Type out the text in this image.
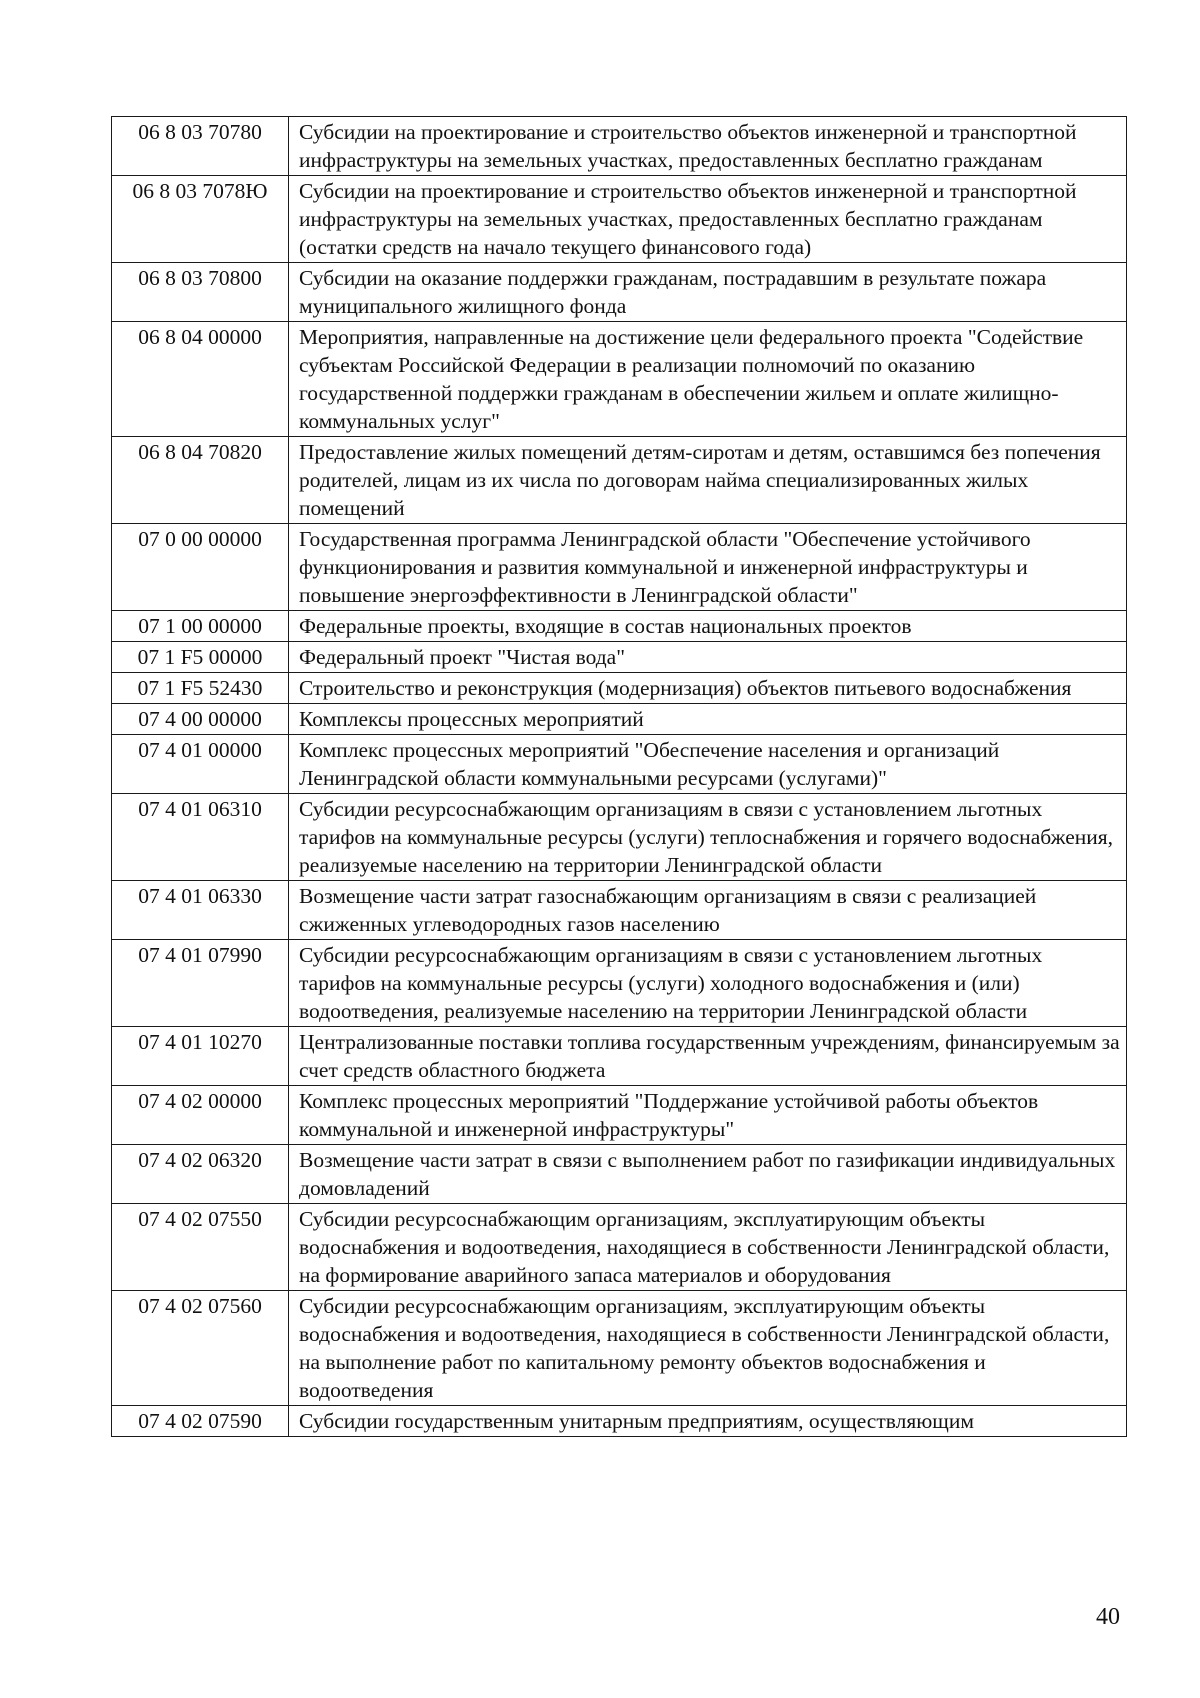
06 8 03 70780	Субсидии на проектирование и строительство объектов инженерной и транспортной инфраструктуры на земельных участках, предоставленных бесплатно гражданам
06 8 03 7078Ю	Субсидии на проектирование и строительство объектов инженерной и транспортной инфраструктуры на земельных участках, предоставленных бесплатно гражданам (остатки средств на начало текущего финансового года)
06 8 03 70800	Субсидии на оказание поддержки гражданам, пострадавшим в результате пожара муниципального жилищного фонда
06 8 04 00000	Мероприятия, направленные на достижение цели федерального проекта "Содействие субъектам Российской Федерации в реализации полномочий по оказанию государственной поддержки гражданам в обеспечении жильем и оплате жилищно-коммунальных услуг"
06 8 04 70820	Предоставление жилых помещений детям-сиротам и детям, оставшимся без попечения родителей, лицам из их числа по договорам найма специализированных жилых помещений
07 0 00 00000	Государственная программа Ленинградской области "Обеспечение устойчивого функционирования и развития коммунальной и инженерной инфраструктуры и повышение энергоэффективности в Ленинградской области"
07 1 00 00000	Федеральные проекты, входящие в состав национальных проектов
07 1 F5 00000	Федеральный проект "Чистая вода"
07 1 F5 52430	Строительство и реконструкция (модернизация) объектов питьевого водоснабжения
07 4 00 00000	Комплексы процессных мероприятий
07 4 01 00000	Комплекс процессных мероприятий "Обеспечение населения и организаций Ленинградской области коммунальными ресурсами (услугами)"
07 4 01 06310	Субсидии ресурсоснабжающим организациям в связи с установлением льготных тарифов на коммунальные ресурсы (услуги) теплоснабжения и горячего водоснабжения, реализуемые населению на территории Ленинградской области
07 4 01 06330	Возмещение части затрат газоснабжающим организациям в связи с реализацией сжиженных углеводородных газов населению
07 4 01 07990	Субсидии ресурсоснабжающим организациям в связи с установлением льготных тарифов на коммунальные ресурсы (услуги) холодного водоснабжения и (или) водоотведения, реализуемые населению на территории Ленинградской области
07 4 01 10270	Централизованные поставки топлива государственным учреждениям, финансируемым за счет средств областного бюджета
07 4 02 00000	Комплекс процессных мероприятий "Поддержание устойчивой работы объектов коммунальной и инженерной инфраструктуры"
07 4 02 06320	Возмещение части затрат в связи с выполнением работ по газификации индивидуальных домовладений
07 4 02 07550	Субсидии ресурсоснабжающим организациям, эксплуатирующим объекты водоснабжения и водоотведения, находящиеся в собственности Ленинградской области, на формирование аварийного запаса материалов и оборудования
07 4 02 07560	Субсидии ресурсоснабжающим организациям, эксплуатирующим объекты водоснабжения и водоотведения, находящиеся в собственности Ленинградской области, на выполнение работ по капитальному ремонту объектов водоснабжения и водоотведения
07 4 02 07590	Субсидии государственным унитарным предприятиям, осуществляющим
40
